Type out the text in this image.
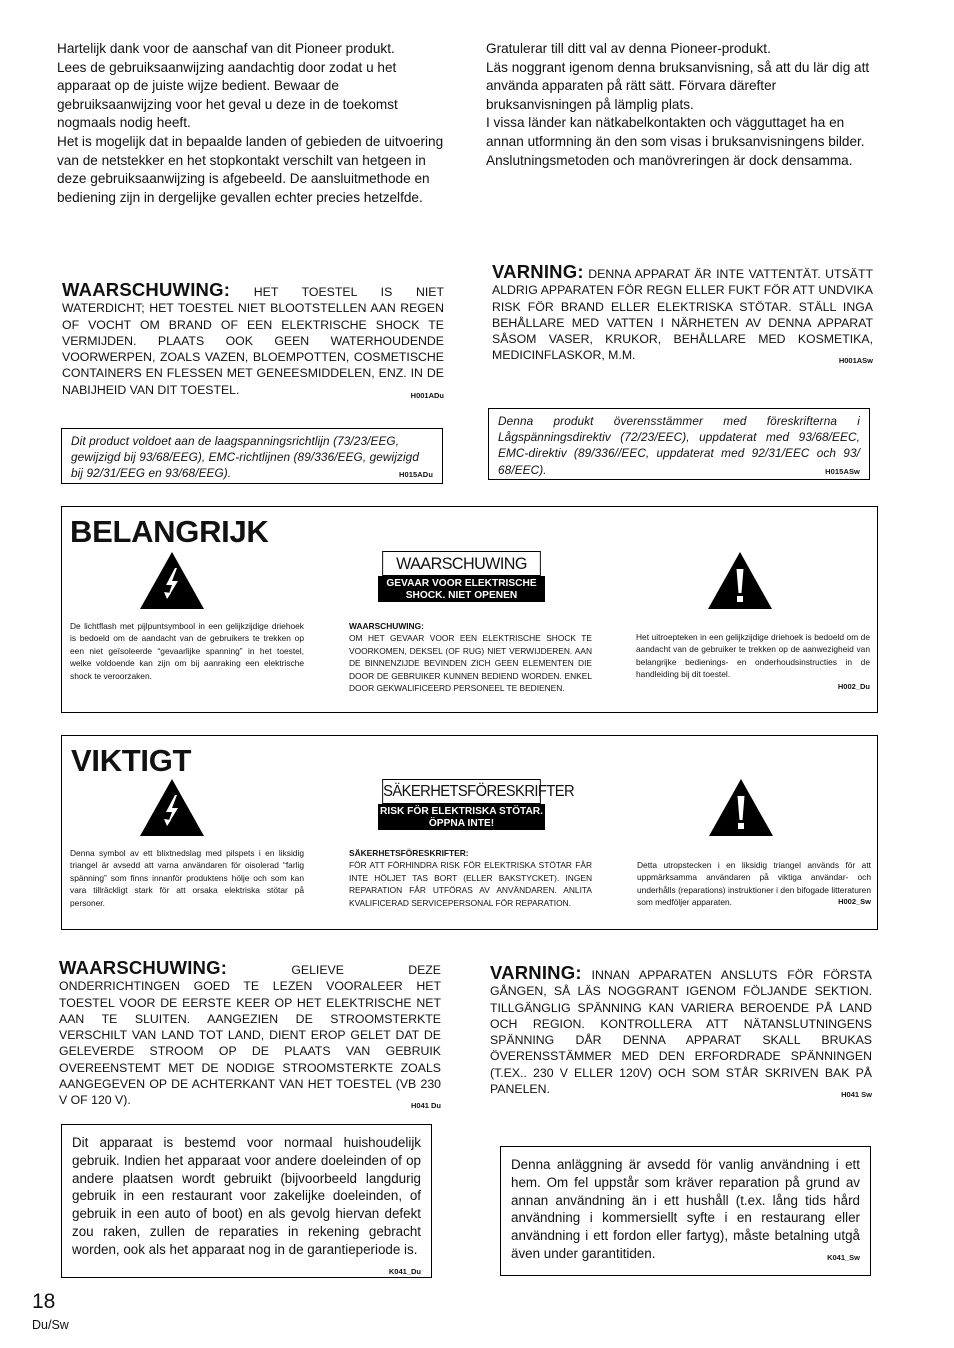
Hartelijk dank voor de aanschaf van dit Pioneer produkt.

Lees de gebruiksaanwijzing aandachtig door zodat u het apparaat op de juiste wijze bedient. Bewaar de gebruiksaanwijzing voor het geval u deze in de toekomst nogmaals nodig heeft.

Het is mogelijk dat in bepaalde landen of gebieden de uitvoering van de netstekker en het stopkontakt verschilt van hetgeen in deze gebruiksaanwijzing is afgebeeld. De aansluitmethode en bediening zijn in dergelijke gevallen echter precies hetzelfde.

Gratulerar till ditt val av denna Pioneer-produkt.

Läs noggrant igenom denna bruksanvisning, så att du lär dig att använda apparaten på rätt sätt. Förvara därefter bruksanvisningen på lämplig plats.

I vissa länder kan nätkabelkontakten och vägguttaget ha en annan utformning än den som visas i bruksanvisningens bilder. Anslutningsmetoden och manövreringen är dock densamma.

WAARSCHUWING: HET TOESTEL IS NIET WATERDICHT; HET TOESTEL NIET BLOOTSTELLEN AAN REGEN OF VOCHT OM BRAND OF EEN ELEKTRISCHE SHOCK TE VERMIJDEN. PLAATS OOK GEEN WATERHOUDENDE VOORWERPEN, ZOALS VAZEN, BLOEMPOTTEN, COSMETISCHE CONTAINERS EN FLESSEN MET GENEESMIDDELEN, ENZ. IN DE NABIJHEID VAN DIT TOESTEL.	H001ADu
VARNING: DENNA APPARAT ÄR INTE VATTENTÄT. UTSÄTT ALDRIG APPARATEN FÖR REGN ELLER FUKT FÖR ATT UNDVIKA RISK FÖR BRAND ELLER ELEKTRISKA STÖTAR. STÄLL INGA BEHÅLLARE MED VATTEN I NÄRHETEN AV DENNA APPARAT SÅSOM VASER, KRUKOR, BEHÅLLARE MED KOSMETIKA, MEDICINFLASKOR, M.M.	H001ASw
Dit product voldoet aan de laagspanningsrichtlijn (73/23/EEG, gewijzigd bij 93/68/EEG), EMC-richtlijnen (89/336/EEG, gewijzigd bij 92/31/EEG en 93/68/EEG).	H015ADu
Denna produkt överensstämmer med föreskrifterna i Lågspänningsdirektiv (72/23/EEC), uppdaterat med 93/68/EEC, EMC-direktiv (89/336//EEC, uppdaterat med 92/31/EEC och 93/ 68/EEC).	H015ASw
BELANGRIJK
WAARSCHUWING
GEVAAR VOOR ELEKTRISCHE SHOCK. NIET OPENEN
De lichtflash met pijlpuntsymbool in een gelijkzijdige driehoek is bedoeld om de aandacht van de gebruikers te trekken op een niet geïsoleerde “gevaarlijke spanning” in het toestel, welke voldoende kan zijn om bij aanraking een elektrische shock te veroorzaken.
WAARSCHUWING:
OM HET GEVAAR VOOR EEN ELEKTRISCHE SHOCK TE VOORKOMEN, DEKSEL (OF RUG) NIET VERWIJDEREN. AAN DE BINNENZIJDE BEVINDEN ZICH GEEN ELEMENTEN DIE DOOR DE GEBRUIKER KUNNEN BEDIEND WORDEN. ENKEL DOOR GEKWALIFICEERD PERSONEEL TE BEDIENEN.
Het uitroepteken in een gelijkzijdige driehoek is bedoeld om de aandacht van de gebruiker te trekken op de aanwezigheid van belangrijke bedienings- en onderhoudsinstructies in de handleiding bij dit toestel.

H002_Du
VIKTIGT
SÄKERHETSFÖRESKRIFTER
RISK FÖR ELEKTRISKA STÖTAR. ÖPPNA INTE!
Denna symbol av ett blixtnedslag med pilspets i en liksidig triangel är avsedd att varna användaren för oisolerad “farlig spänning” som finns innanför produktens hölje och som kan vara tillräckligt stark för att orsaka elektriska stötar på personer.
SÄKERHETSFÖRESKRIFTER:
FÖR ATT FÖRHINDRA RISK FÖR ELEKTRISKA STÖTAR FÅR INTE HÖLJET TAS BORT (ELLER BAKSTYCKET). INGEN REPARATION FÅR UTFÖRAS AV ANVÄNDAREN. ANLITA KVALIFICERAD SERVICEPERSONAL FÖR REPARATION.
Detta utropstecken i en liksidig triangel används för att uppmärksamma användaren på viktiga användar- och underhålls (reparations) instruktioner i den bifogade litteraturen som medföljer apparaten.	H002_Sw
WAARSCHUWING: GELIEVE DEZE ONDERRICHTINGEN GOED TE LEZEN VOORALEER HET TOESTEL VOOR DE EERSTE KEER OP HET ELEKTRISCHE NET AAN TE SLUITEN. AANGEZIEN DE STROOMSTERKTE VERSCHILT VAN LAND TOT LAND, DIENT EROP GELET DAT DE GELEVERDE STROOM OP DE PLAATS VAN GEBRUIK OVEREENSTEMT MET DE NODIGE STROOMSTERKTE ZOALS AANGEGEVEN OP DE ACHTERKANT VAN HET TOESTEL (VB 230 V OF 120 V).	H041 Du
VARNING: INNAN APPARATEN ANSLUTS FÖR FÖRSTA GÅNGEN, SÅ LÄS NOGGRANT IGENOM FÖLJANDE SEKTION. TILLGÄNGLIG SPÄNNING KAN VARIERA BEROENDE PÅ LAND OCH REGION. KONTROLLERA ATT NÄTANSLUTNINGENS SPÄNNING DÅR DENNA APPARAT SKALL BRUKAS ÖVERENSSTÄMMER MED DEN ERFORDRADE SPÄNNINGEN (T.EX.. 230 V ELLER 120V) OCH SOM STÅR SKRIVEN BAK PÅ PANELEN.	H041 Sw
Dit apparaat is bestemd voor normaal huishoudelijk gebruik. Indien het apparaat voor andere doeleinden of op andere plaatsen wordt gebruikt (bijvoorbeeld langdurig gebruik in een restaurant voor zakelijke doeleinden, of gebruik in een auto of boot) en als gevolg hiervan defekt zou raken, zullen de reparaties in rekening gebracht worden, ook als het apparaat nog in de garantieperiode is.
K041_Du
Denna anläggning är avsedd för vanlig användning i ett hem. Om fel uppstår som kräver reparation på grund av annan användning än i ett hushåll (t.ex. lång tids hård användning i kommersiellt syfte i en restaurang eller användning i ett fordon eller fartyg), måste betalning utgå även under garantitiden.	K041_Sw
18
Du/Sw
